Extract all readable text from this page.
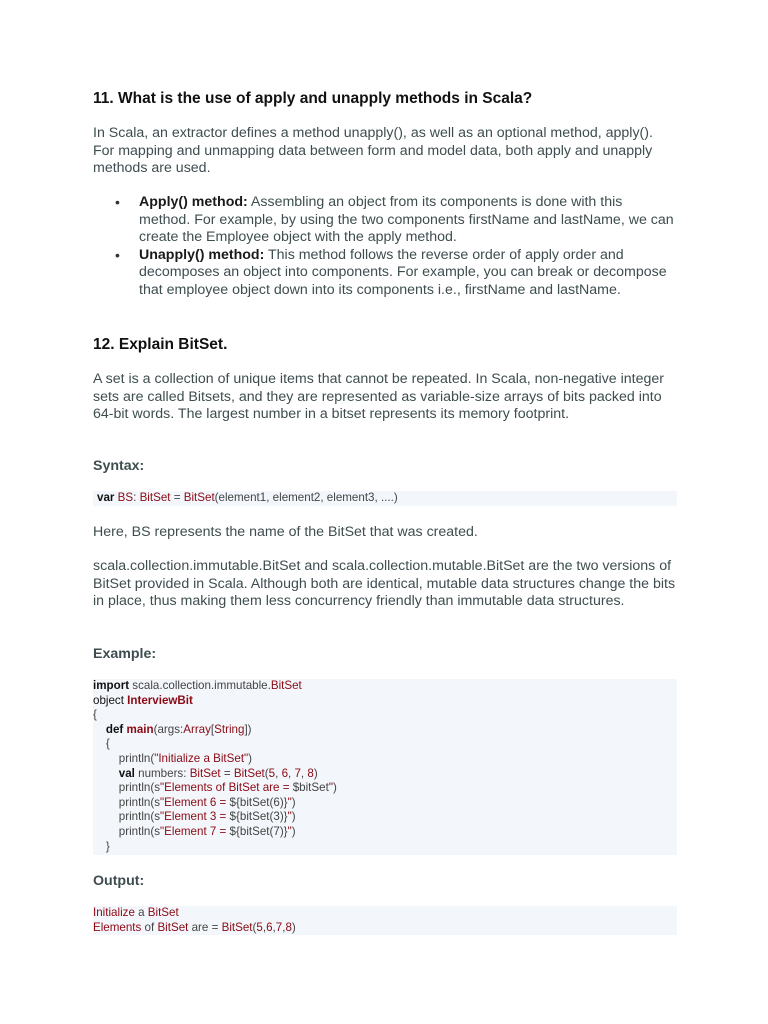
11. What is the use of apply and unapply methods in Scala?

In Scala, an extractor defines a method unapply(), as well as an optional method, apply(). For mapping and unmapping data between form and model data, both apply and unapply methods are used.

• Apply() method: Assembling an object from its components is done with this method. For example, by using the two components firstName and lastName, we can create the Employee object with the apply method.
• Unapply() method: This method follows the reverse order of apply order and decomposes an object into components. For example, you can break or decompose that employee object down into its components i.e., firstName and lastName.
12. Explain BitSet.

A set is a collection of unique items that cannot be repeated. In Scala, non-negative integer sets are called Bitsets, and they are represented as variable-size arrays of bits packed into 64-bit words. The largest number in a bitset represents its memory footprint.

Syntax:
var BS: BitSet = BitSet(element1, element2, element3, ....)

Here, BS represents the name of the BitSet that was created.

scala.collection.immutable.BitSet and scala.collection.mutable.BitSet are the two versions of BitSet provided in Scala. Although both are identical, mutable data structures change the bits in place, thus making them less concurrency friendly than immutable data structures.

Example:
import scala.collection.immutable.BitSet
object InterviewBit
{
def main(args:Array[String])
{
println("Initialize a BitSet")
val numbers: BitSet = BitSet(5, 6, 7, 8)
println(s"Elements of BitSet are = $bitSet")
println(s"Element 6 = ${bitSet(6)}")
println(s"Element 3 = ${bitSet(3)}")
println(s"Element 7 = ${bitSet(7)}")
}
Output:
Initialize a BitSet
Elements of BitSet are = BitSet(5,6,7,8)
